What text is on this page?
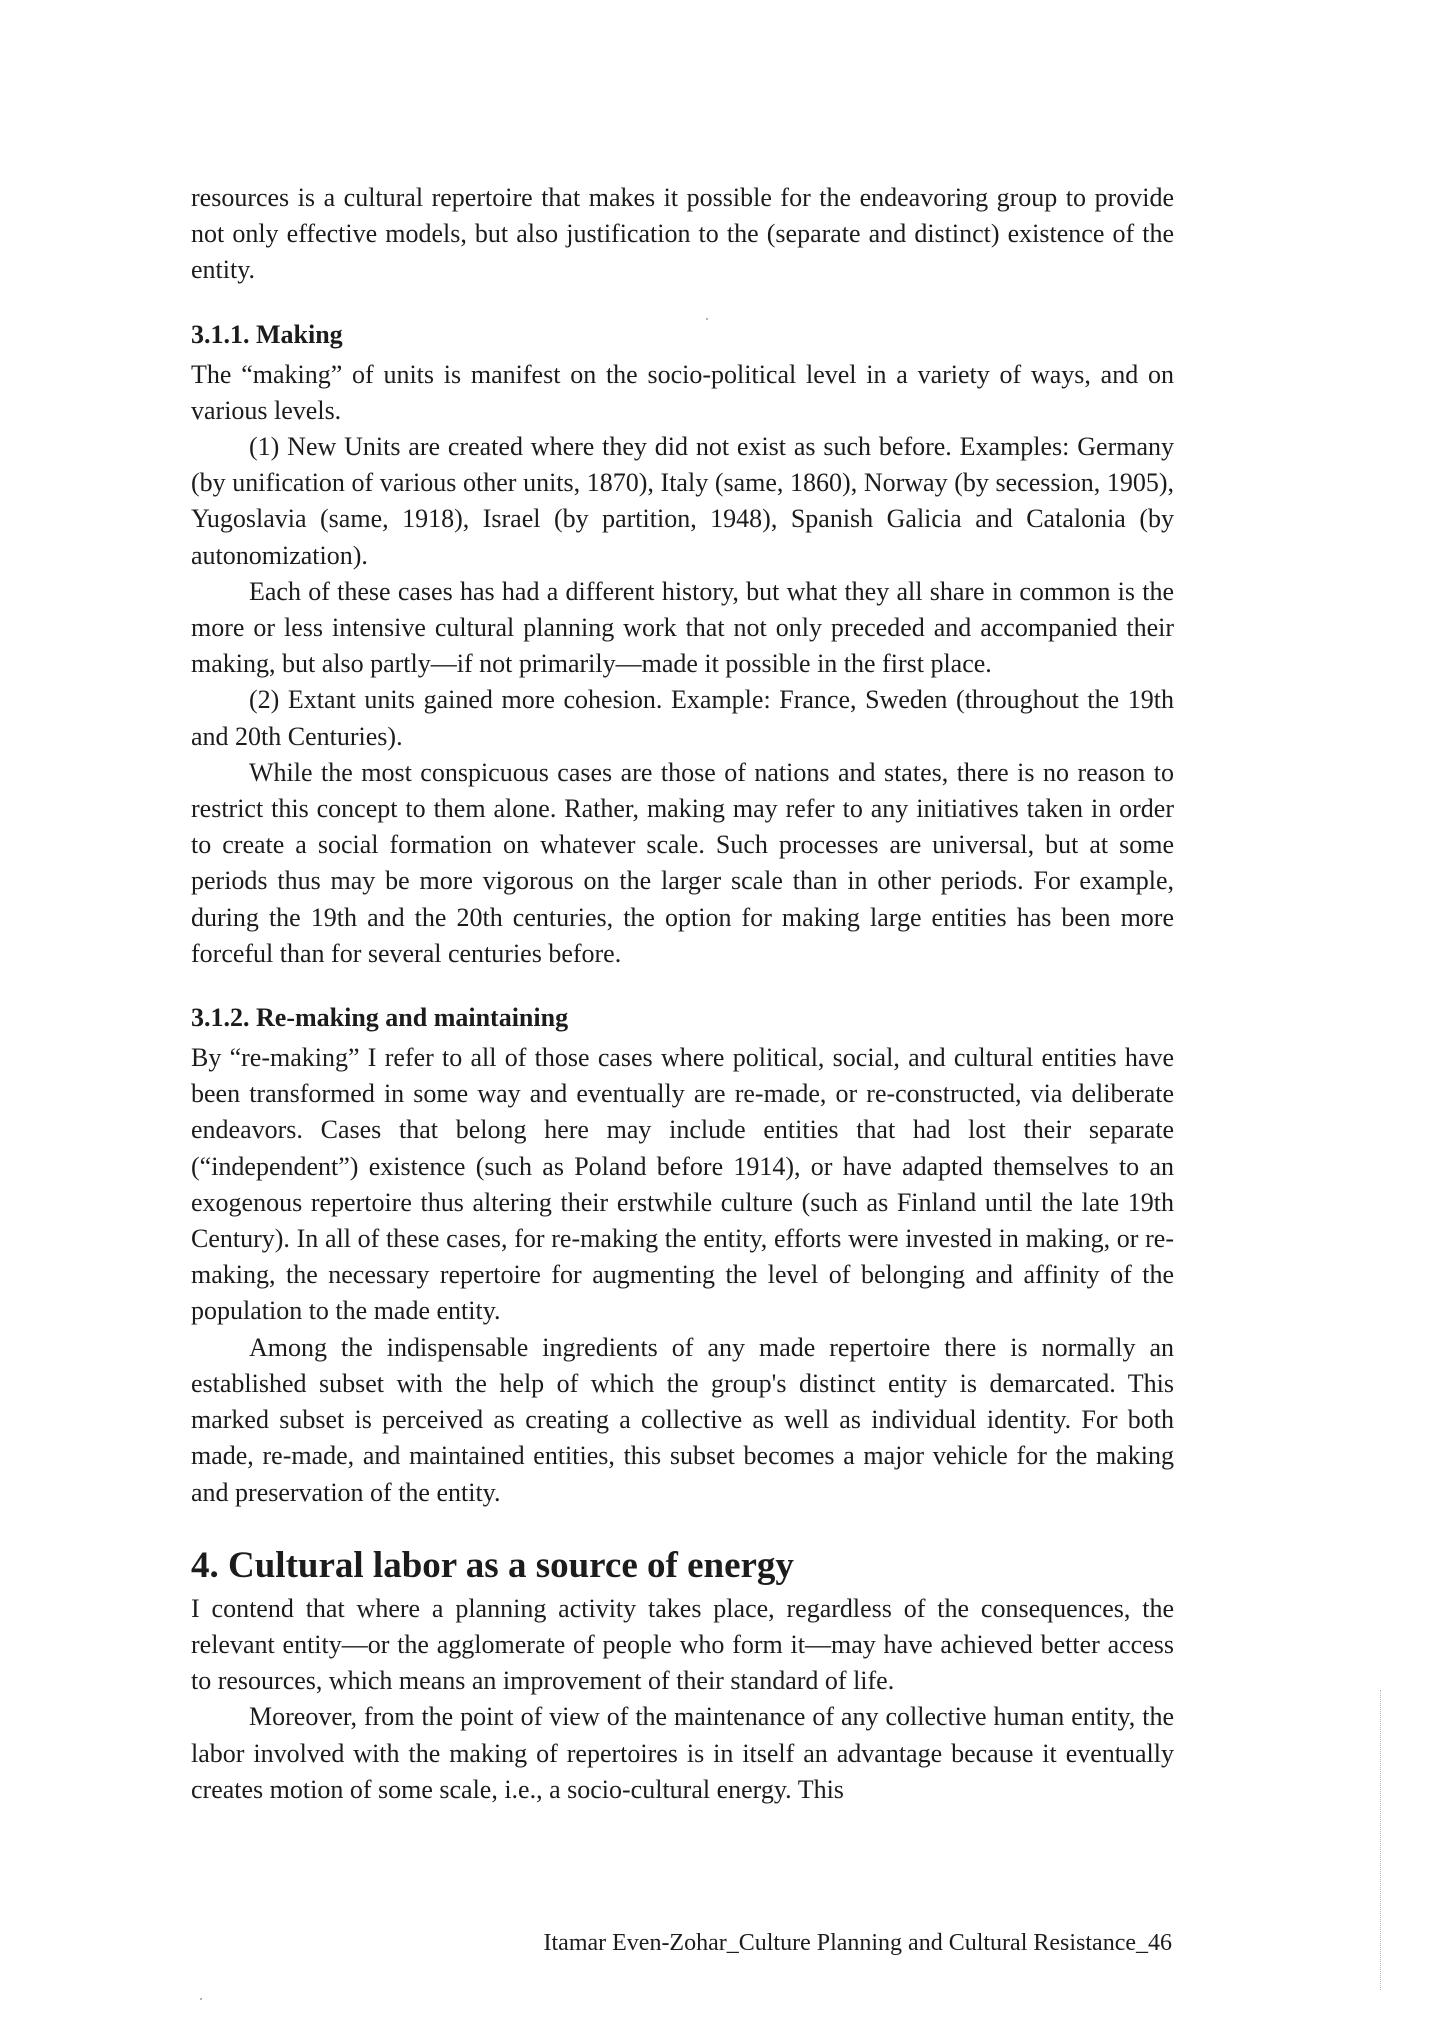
resources is a cultural repertoire that makes it possible for the endeavoring group to provide not only effective models, but also justification to the (separate and distinct) existence of the entity.

3.1.1. Making

The “making” of units is manifest on the socio-political level in a variety of ways, and on various levels.

(1) New Units are created where they did not exist as such before. Examples: Germany (by unification of various other units, 1870), Italy (same, 1860), Norway (by secession, 1905), Yugoslavia (same, 1918), Israel (by partition, 1948), Spanish Galicia and Catalonia (by autonomization).

Each of these cases has had a different history, but what they all share in common is the more or less intensive cultural planning work that not only preceded and accompanied their making, but also partly—if not primarily—made it possible in the first place.

(2) Extant units gained more cohesion. Example: France, Sweden (throughout the 19th and 20th Centuries).

While the most conspicuous cases are those of nations and states, there is no reason to restrict this concept to them alone. Rather, making may refer to any initiatives taken in order to create a social formation on whatever scale. Such processes are universal, but at some periods thus may be more vigorous on the larger scale than in other periods. For example, during the 19th and the 20th centuries, the option for making large entities has been more forceful than for several centuries before.

3.1.2. Re-making and maintaining

By “re-making” I refer to all of those cases where political, social, and cultural entities have been transformed in some way and eventually are re-made, or re-constructed, via deliberate endeavors. Cases that belong here may include entities that had lost their separate (“independent”) existence (such as Poland before 1914), or have adapted themselves to an exogenous repertoire thus altering their erstwhile culture (such as Finland until the late 19th Century). In all of these cases, for re-making the entity, efforts were invested in making, or re-making, the necessary repertoire for augmenting the level of belonging and affinity of the population to the made entity.

Among the indispensable ingredients of any made repertoire there is normally an established subset with the help of which the group's distinct entity is demarcated. This marked subset is perceived as creating a collective as well as individual identity. For both made, re-made, and maintained entities, this subset becomes a major vehicle for the making and preservation of the entity.

4. Cultural labor as a source of energy

I contend that where a planning activity takes place, regardless of the consequences, the relevant entity—or the agglomerate of people who form it—may have achieved better access to resources, which means an improvement of their standard of life.

Moreover, from the point of view of the maintenance of any collective human entity, the labor involved with the making of repertoires is in itself an advantage because it eventually creates motion of some scale, i.e., a socio-cultural energy. This

Itamar Even-Zohar_Culture Planning and Cultural Resistance_46
